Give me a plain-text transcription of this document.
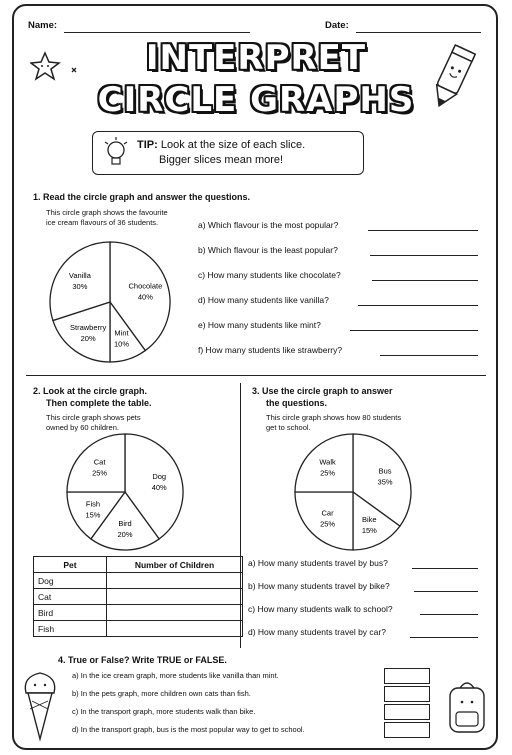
Name:	Date:
INTERPRET
CIRCLE GRAPHS
TIP: Look at the size of each slice.
Bigger slices mean more!
1. Read the circle graph and answer the questions.
This circle graph shows the favourite
ice cream flavours of 36 students.
Chocolate
40%
Mint
10%
Strawberry
20%
Vanilla
30%
a) Which flavour is the most popular?
b) Which flavour is the least popular?
c) How many students like chocolate?
d) How many students like vanilla?
e) How many students like mint?
f) How many students like strawberry?
2. Look at the circle graph.
Then complete the table.
This circle graph shows pets
owned by 60 children.
Dog
40%
Bird
20%
Fish
15%
Cat
25%
Pet	Number of Children
Dog	
Cat	
Bird	
Fish	
3. Use the circle graph to answer
the questions.
This circle graph shows how 80 students
get to school.
Bus
35%
Bike
15%
Car
25%
Walk
25%
a) How many students travel by bus?
b) How many students travel by bike?
c) How many students walk to school?
d) How many students travel by car?
4. True or False? Write TRUE or FALSE.
a) In the ice cream graph, more students like vanilla than mint.
b) In the pets graph, more children own cats than fish.
c) In the transport graph, more students walk than bike.
d) In the transport graph, bus is the most popular way to get to school.
